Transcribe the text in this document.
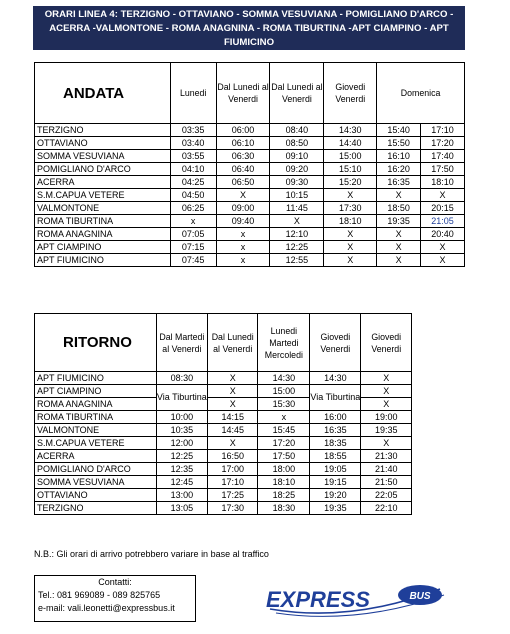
ORARI LINEA 4: TERZIGNO - OTTAVIANO - SOMMA VESUVIANA - POMIGLIANO D'ARCO -
ACERRA -VALMONTONE - ROMA ANAGNINA - ROMA TIBURTINA -APT CIAMPINO - APT
FIUMICINO
ANDATA	Lunedi	Dal Lunedi al Venerdi	Dal Lunedi al Venerdi	Giovedi Venerdi	Domenica	
TERZIGNO	03:35	06:00	08:40	14:30	15:40	17:10
OTTAVIANO	03:40	06:10	08:50	14:40	15:50	17:20
SOMMA VESUVIANA	03:55	06:30	09:10	15:00	16:10	17:40
POMIGLIANO D'ARCO	04:10	06:40	09:20	15:10	16:20	17:50
ACERRA	04:25	06:50	09:30	15:20	16:35	18:10
S.M.CAPUA VETERE	04:50	X	10:15	X	X	X
VALMONTONE	06:25	09:00	11:45	17:30	18:50	20:15
ROMA TIBURTINA	x	09:40	X	18:10	19:35	21:05
ROMA ANAGNINA	07:05	x	12:10	X	X	20:40
APT CIAMPINO	07:15	x	12:25	X	X	X
APT FIUMICINO	07:45	x	12:55	X	X	X
RITORNO	Dal Martedi al Venerdi	Dal Lunedi al Venerdi	Lunedi Martedi Mercoledi	Giovedi Venerdi	Giovedi Venerdi
APT FIUMICINO	08:30	X	14:30	14:30	X
APT CIAMPINO	Via Tiburtina	X	15:00	Via Tiburtina	X
ROMA ANAGNINA		X	15:30		X
ROMA TIBURTINA	10:00	14:15	x	16:00	19:00
VALMONTONE	10:35	14:45	15:45	16:35	19:35
S.M.CAPUA VETERE	12:00	X	17:20	18:35	X
ACERRA	12:25	16:50	17:50	18:55	21:30
POMIGLIANO D'ARCO	12:35	17:00	18:00	19:05	21:40
SOMMA VESUVIANA	12:45	17:10	18:10	19:15	21:50
OTTAVIANO	13:00	17:25	18:25	19:20	22:05
TERZIGNO	13:05	17:30	18:30	19:35	22:10
N.B.: Gli orari di arrivo potrebbero variare in base al traffico
Contatti:
Tel.: 081 969089 - 089 825765
e-mail: vali.leonetti@expressbus.it	EXPRESS	BUS
